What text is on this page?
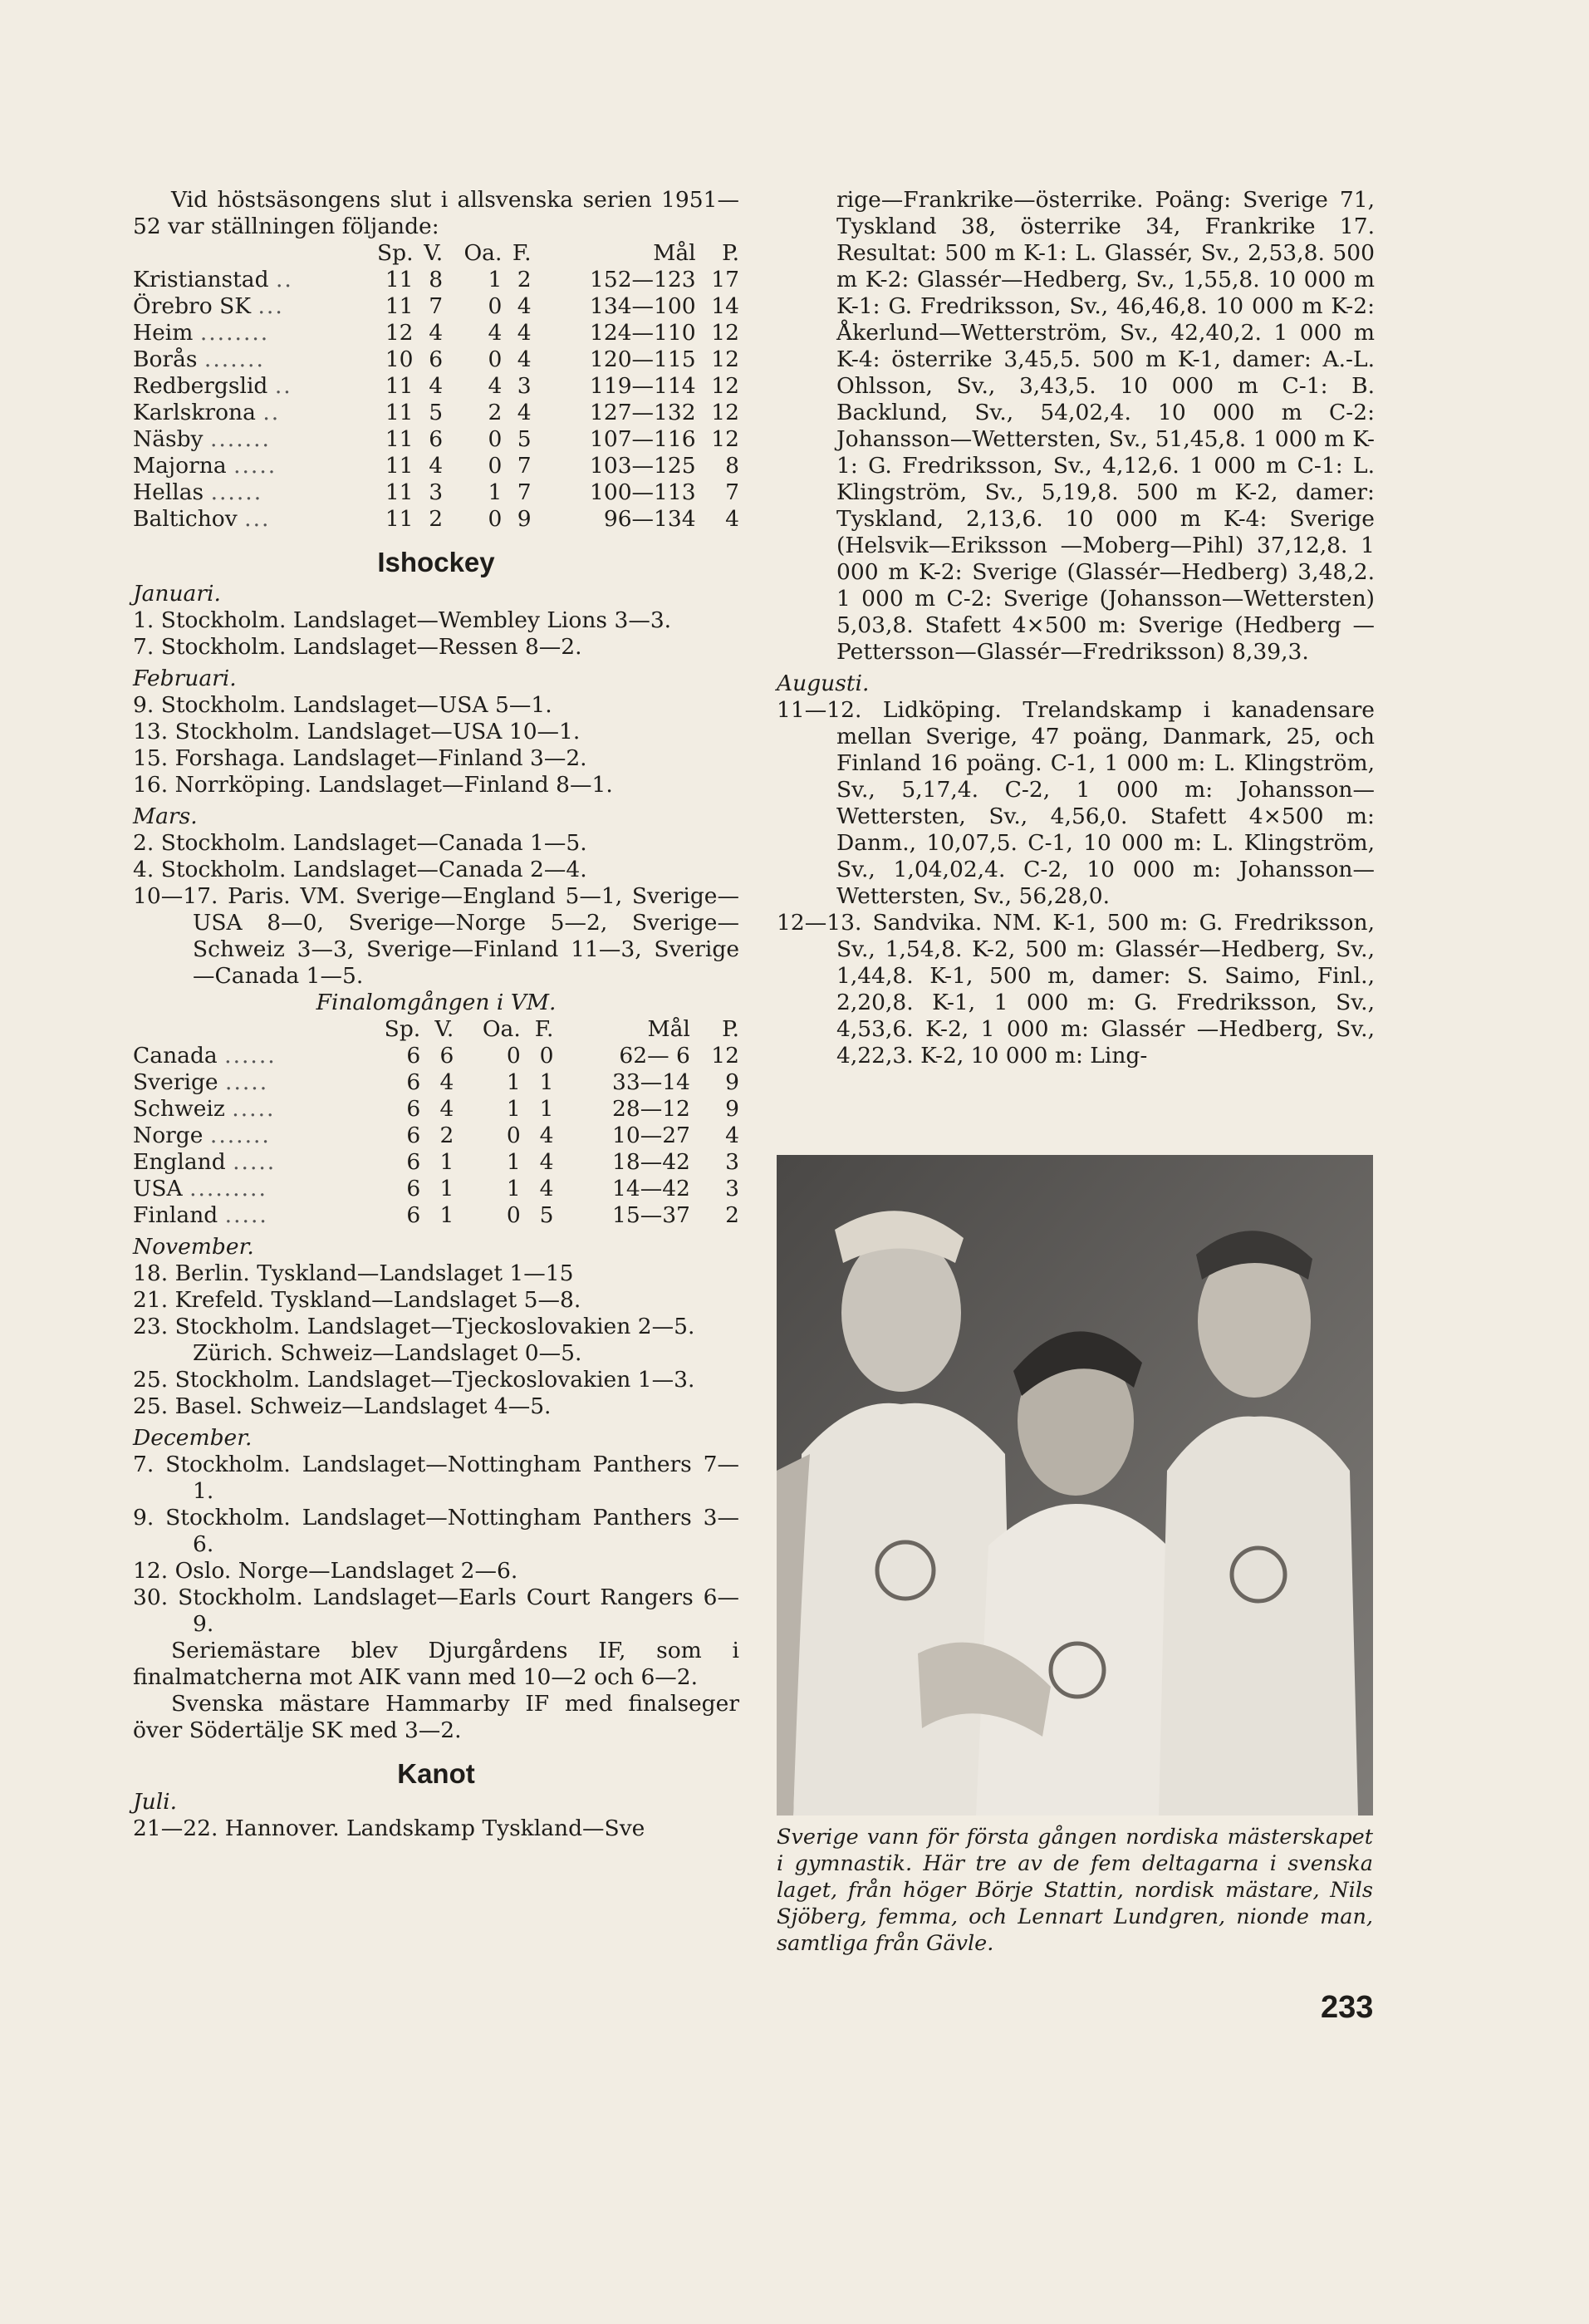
Vid höstsäsongens slut i allsvenska serien 1951—52 var ställningen följande:

	Sp.	V.	Oa.	F.	Mål	P.
Kristianstad ..	11	8	1	2	152—123	17
Örebro SK ...	11	7	0	4	134—100	14
Heim ........	12	4	4	4	124—110	12
Borås .......	10	6	0	4	120—115	12
Redbergslid ..	11	4	4	3	119—114	12
Karlskrona ..	11	5	2	4	127—132	12
Näsby .......	11	6	0	5	107—116	12
Majorna .....	11	4	0	7	103—125	8
Hellas ......	11	3	1	7	100—113	7
Baltichov ...	11	2	0	9	96—134	4
Ishockey
Januari.

1. Stockholm. Landslaget—Wembley Lions 3—3.

7. Stockholm. Landslaget—Ressen 8—2.

Februari.

9. Stockholm. Landslaget—USA 5—1.

13. Stockholm. Landslaget—USA 10—1.

15. Forshaga. Landslaget—Finland 3—2.

16. Norrköping. Landslaget—Finland 8—1.

Mars.

2. Stockholm. Landslaget—Canada 1—5.

4. Stockholm. Landslaget—Canada 2—4.

10—17. Paris. VM. Sverige—England 5—1, Sverige—USA 8—0, Sverige—Norge 5—2, Sverige—Schweiz 3—3, Sverige—Finland 11—3, Sverige—Canada 1—5.

Finalomgången i VM.
	Sp.	V.	Oa.	F.	Mål	P.
Canada ......	6	6	0	0	62— 6	12
Sverige .....	6	4	1	1	33—14	9
Schweiz .....	6	4	1	1	28—12	9
Norge .......	6	2	0	4	10—27	4
England .....	6	1	1	4	18—42	3
USA .........	6	1	1	4	14—42	3
Finland .....	6	1	0	5	15—37	2
November.

18. Berlin. Tyskland—Landslaget 1—15

21. Krefeld. Tyskland—Landslaget 5—8.

23. Stockholm. Landslaget—Tjeckoslovakien 2—5.

Zürich. Schweiz—Landslaget 0—5.

25. Stockholm. Landslaget—Tjeckoslovakien 1—3.

25. Basel. Schweiz—Landslaget 4—5.

December.

7. Stockholm. Landslaget—Nottingham Panthers 7—1.

9. Stockholm. Landslaget—Nottingham Panthers 3—6.

12. Oslo. Norge—Landslaget 2—6.

30. Stockholm. Landslaget—Earls Court Rangers 6—9.

Seriemästare blev Djurgårdens IF, som i finalmatcherna mot AIK vann med 10—2 och 6—2.

Svenska mästare Hammarby IF med finalseger över Södertälje SK med 3—2.

Kanot
Juli.

21—22. Hannover. Landskamp Tyskland—Sve

rige—Frankrike—österrike. Poäng: Sverige 71, Tyskland 38, österrike 34, Frankrike 17. Resultat: 500 m K-1: L. Glassér, Sv., 2,53,8. 500 m K-2: Glassér—Hedberg, Sv., 1,55,8. 10 000 m K-1: G. Fredriksson, Sv., 46,46,8. 10 000 m K-2: Åkerlund—Wetterström, Sv., 42,40,2. 1 000 m K-4: österrike 3,45,5. 500 m K-1, damer: A.-L. Ohlsson, Sv., 3,43,5. 10 000 m C-1: B. Backlund, Sv., 54,02,4. 10 000 m C-2: Johansson—Wettersten, Sv., 51,45,8. 1 000 m K-1: G. Fredriksson, Sv., 4,12,6. 1 000 m C-1: L. Klingström, Sv., 5,19,8. 500 m K-2, damer: Tyskland, 2,13,6. 10 000 m K-4: Sverige (Helsvik—Eriksson —Moberg—Pihl) 37,12,8. 1 000 m K-2: Sverige (Glassér—Hedberg) 3,48,2. 1 000 m C-2: Sverige (Johansson—Wettersten) 5,03,8. Stafett 4×500 m: Sverige (Hedberg —Pettersson—Glassér—Fredriksson) 8,39,3.

Augusti.

11—12. Lidköping. Trelandskamp i kanadensare mellan Sverige, 47 poäng, Danmark, 25, och Finland 16 poäng. C-1, 1 000 m: L. Klingström, Sv., 5,17,4. C-2, 1 000 m: Johansson—Wettersten, Sv., 4,56,0. Stafett 4×500 m: Danm., 10,07,5. C-1, 10 000 m: L. Klingström, Sv., 1,04,02,4. C-2, 10 000 m: Johansson—Wettersten, Sv., 56,28,0.

12—13. Sandvika. NM. K-1, 500 m: G. Fredriksson, Sv., 1,54,8. K-2, 500 m: Glassér—Hedberg, Sv., 1,44,8. K-1, 500 m, damer: S. Saimo, Finl., 2,20,8. K-1, 1 000 m: G. Fredriksson, Sv., 4,53,6. K-2, 1 000 m: Glassér —Hedberg, Sv., 4,22,3. K-2, 10 000 m: Ling-

Sverige vann för första gången nordiska mästerskapet i gymnastik. Här tre av de fem deltagarna i svenska laget, från höger Börje Stattin, nordisk mästare, Nils Sjöberg, femma, och Lennart Lundgren, nionde man, samtliga från Gävle.
233
